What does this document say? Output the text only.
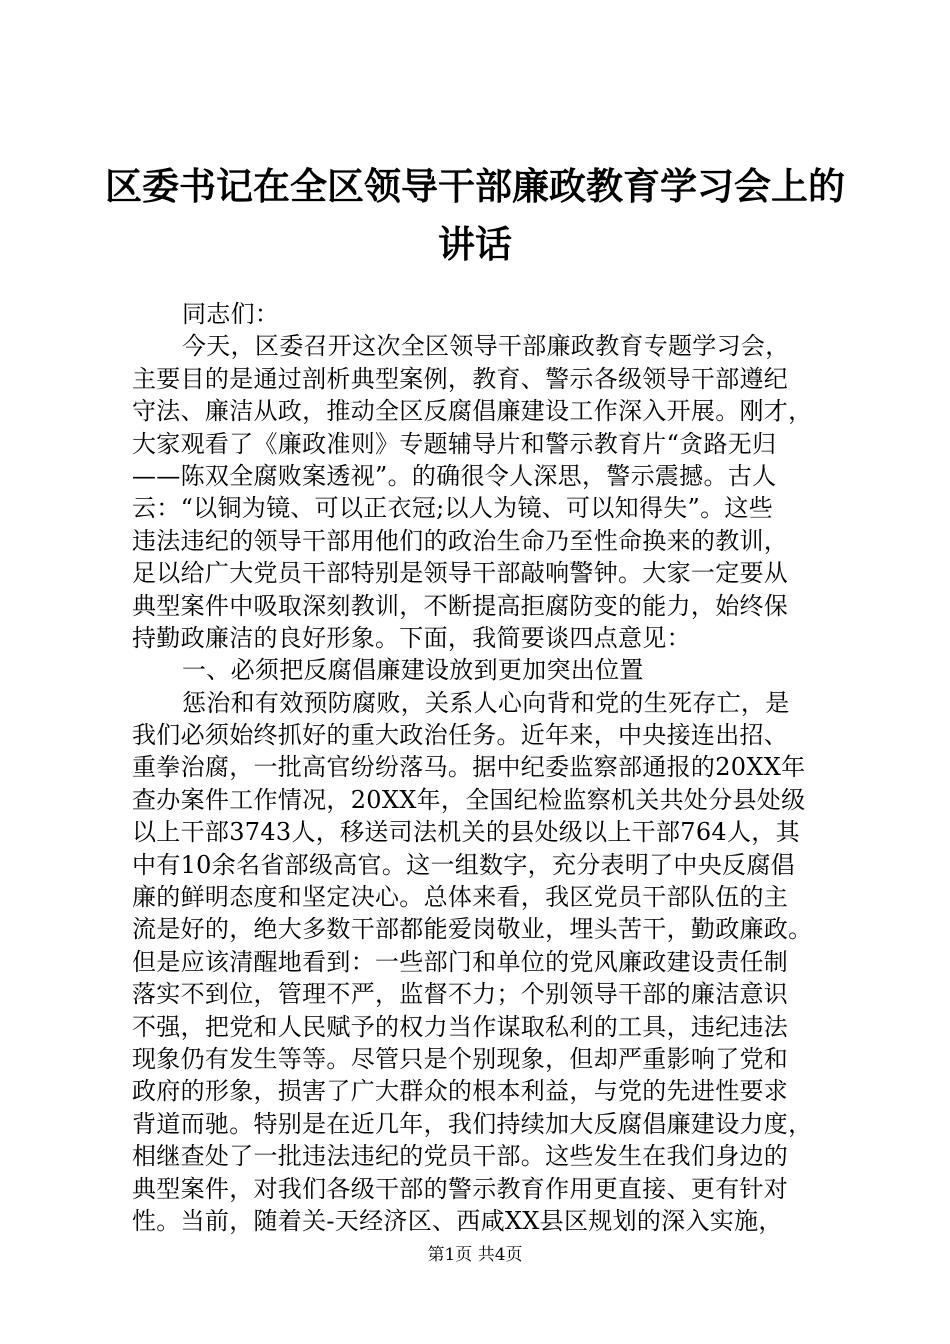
区委书记在全区领导干部廉政教育学习会上的
讲话
同志们：
今天，区委召开这次全区领导干部廉政教育专题学习会，
主要目的是通过剖析典型案例，教育、警示各级领导干部遵纪
守法、廉洁从政，推动全区反腐倡廉建设工作深入开展。刚才，
大家观看了《廉政准则》专题辅导片和警示教育片“贪路无归
——陈双全腐败案透视”。的确很令人深思，警示震撼。古人
云：“以铜为镜、可以正衣冠;以人为镜、可以知得失”。这些
违法违纪的领导干部用他们的政治生命乃至性命换来的教训，
足以给广大党员干部特别是领导干部敲响警钟。大家一定要从
典型案件中吸取深刻教训，不断提高拒腐防变的能力，始终保
持勤政廉洁的良好形象。下面，我简要谈四点意见：
一、必须把反腐倡廉建设放到更加突出位置
惩治和有效预防腐败，关系人心向背和党的生死存亡，是
我们必须始终抓好的重大政治任务。近年来，中央接连出招、
重拳治腐，一批高官纷纷落马。据中纪委监察部通报的20XX年
查办案件工作情况，20XX年，全国纪检监察机关共处分县处级
以上干部3743人，移送司法机关的县处级以上干部764人，其
中有10余名省部级高官。这一组数字，充分表明了中央反腐倡
廉的鲜明态度和坚定决心。总体来看，我区党员干部队伍的主
流是好的，绝大多数干部都能爱岗敬业，埋头苦干，勤政廉政。
但是应该清醒地看到：一些部门和单位的党风廉政建设责任制
落实不到位，管理不严，监督不力；个别领导干部的廉洁意识
不强，把党和人民赋予的权力当作谋取私利的工具，违纪违法
现象仍有发生等等。尽管只是个别现象，但却严重影响了党和
政府的形象，损害了广大群众的根本利益，与党的先进性要求
背道而驰。特别是在近几年，我们持续加大反腐倡廉建设力度，
相继查处了一批违法违纪的党员干部。这些发生在我们身边的
典型案件，对我们各级干部的警示教育作用更直接、更有针对
性。当前，随着关-天经济区、西咸XX县区规划的深入实施，
第1页 共4页
